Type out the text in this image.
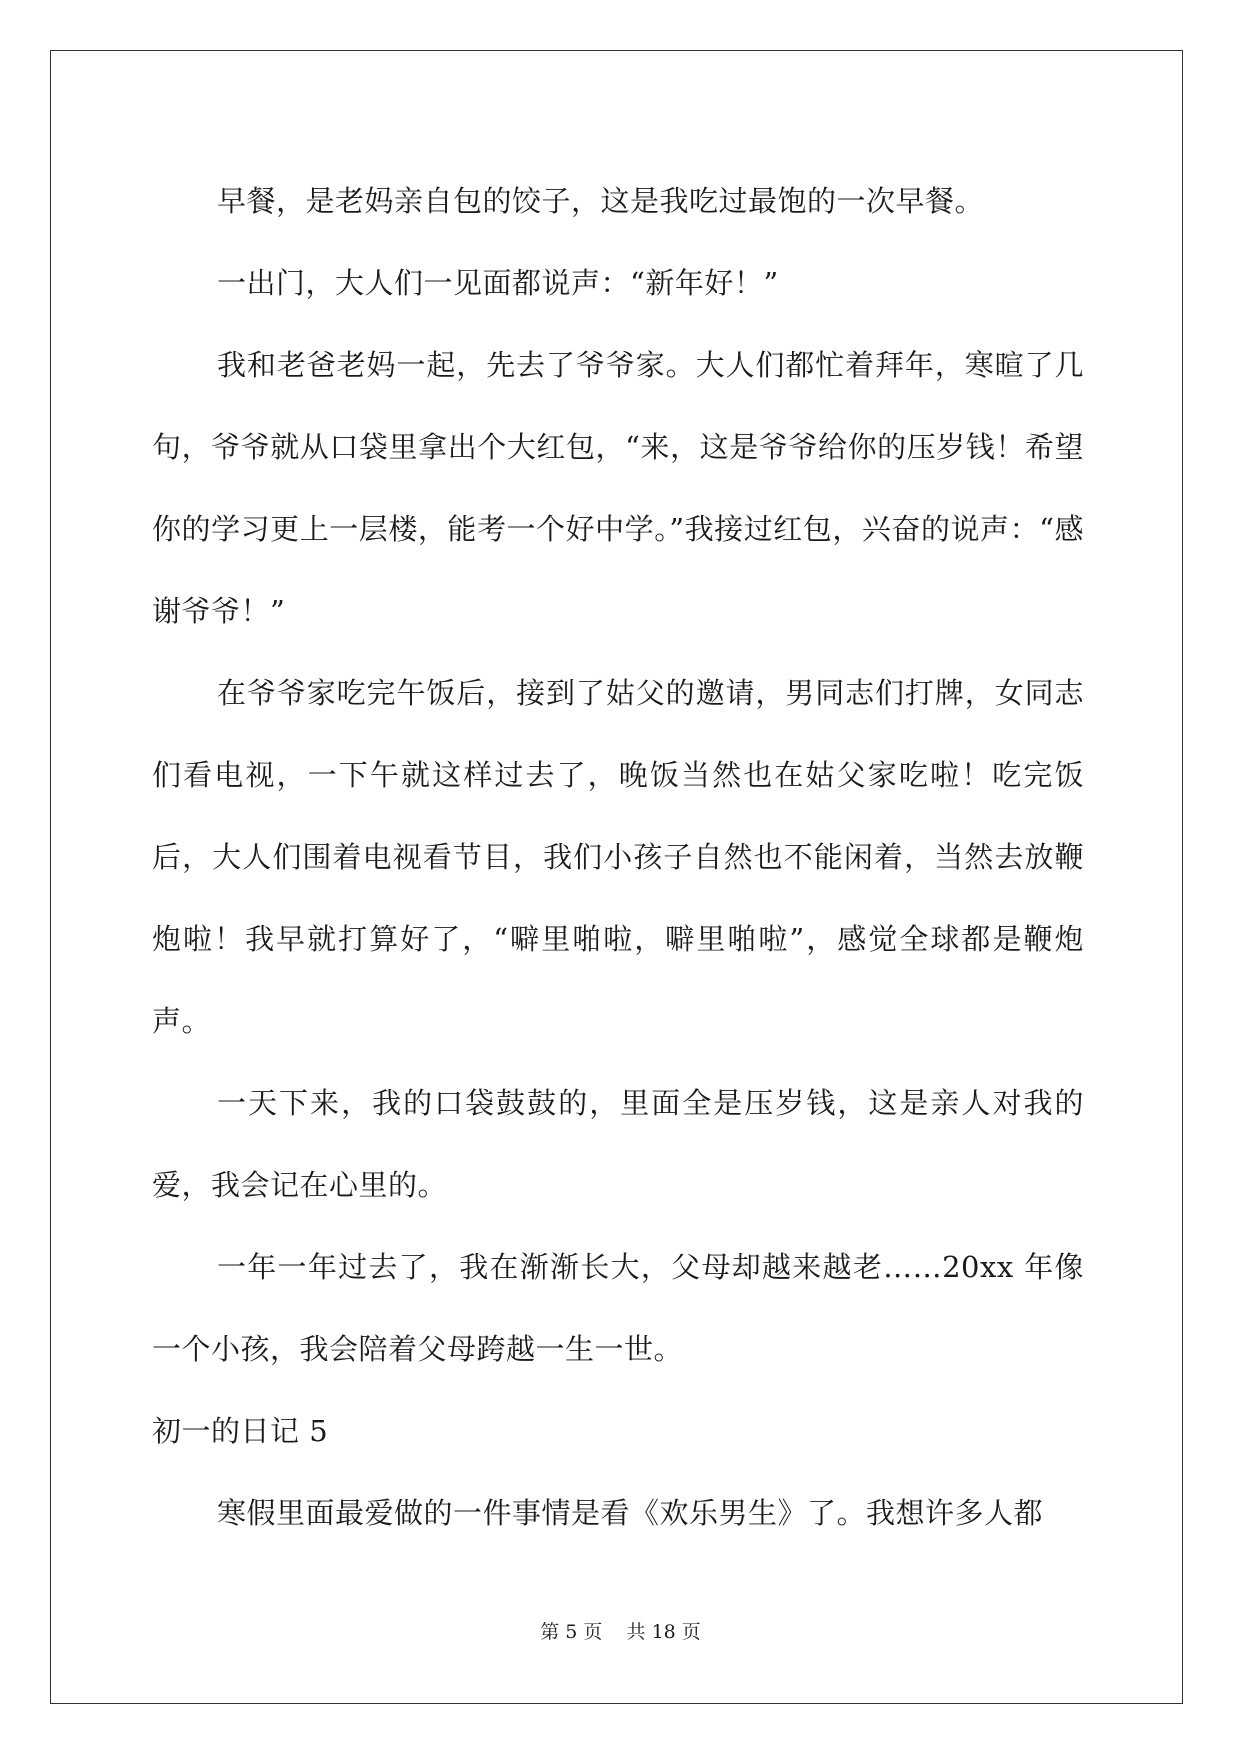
早餐，是老妈亲自包的饺子，这是我吃过最饱的一次早餐。

一出门，大人们一见面都说声：“新年好！”

我和老爸老妈一起，先去了爷爷家。大人们都忙着拜年，寒暄了几句，爷爷就从口袋里拿出个大红包，“来，这是爷爷给你的压岁钱！希望你的学习更上一层楼，能考一个好中学。”我接过红包，兴奋的说声：“感谢爷爷！”

在爷爷家吃完午饭后，接到了姑父的邀请，男同志们打牌，女同志们看电视，一下午就这样过去了，晚饭当然也在姑父家吃啦！吃完饭后，大人们围着电视看节目，我们小孩子自然也不能闲着，当然去放鞭炮啦！我早就打算好了，“噼里啪啦，噼里啪啦”，感觉全球都是鞭炮声。

一天下来，我的口袋鼓鼓的，里面全是压岁钱，这是亲人对我的爱，我会记在心里的。

一年一年过去了，我在渐渐长大，父母却越来越老……20xx 年像一个小孩，我会陪着父母跨越一生一世。

初一的日记 5

寒假里面最爱做的一件事情是看《欢乐男生》了。我想许多人都

第 5 页 共 18 页
